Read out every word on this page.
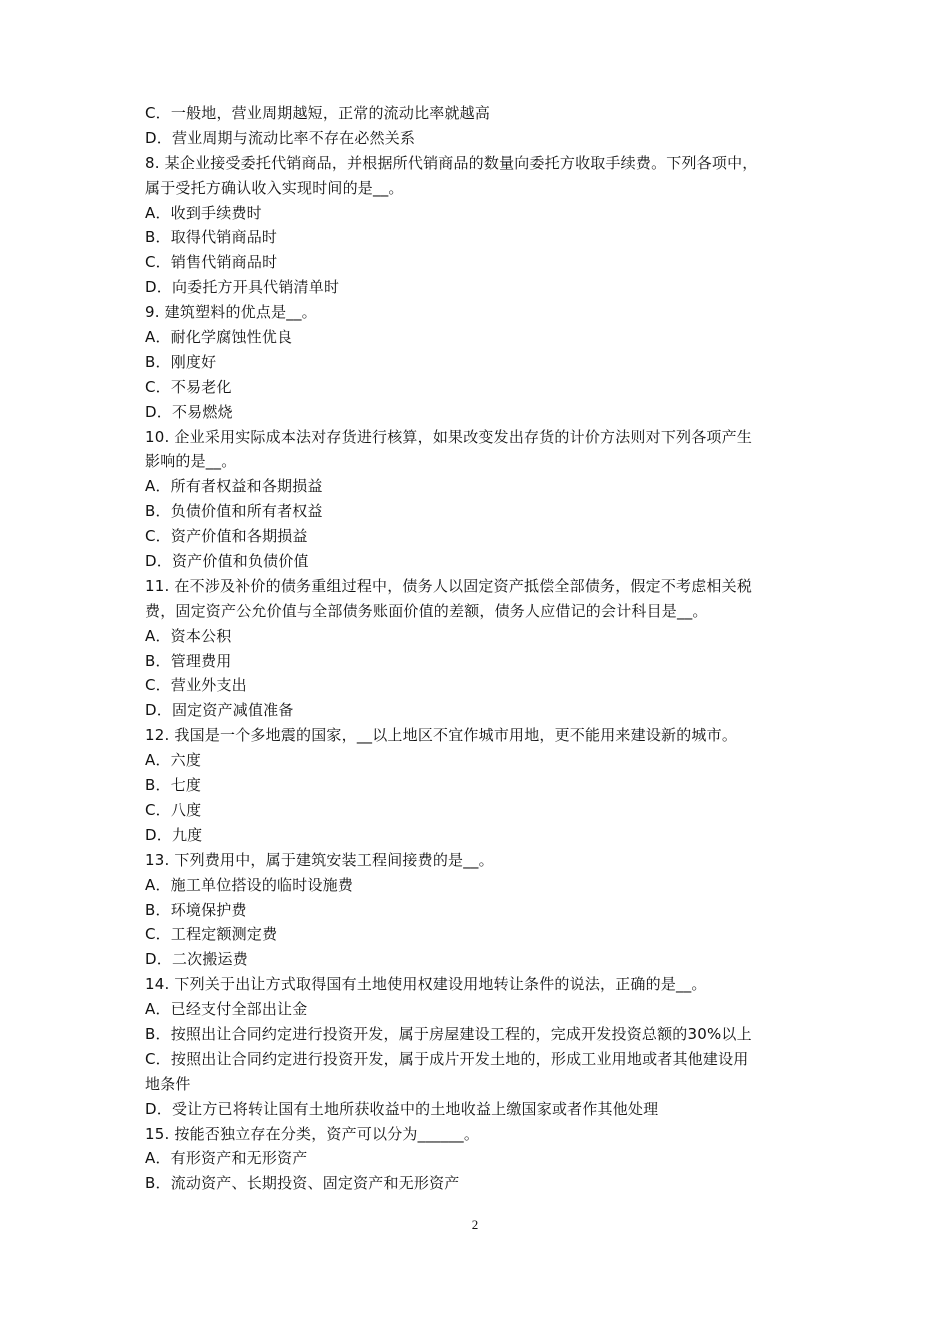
C．一般地，营业周期越短，正常的流动比率就越高
D．营业周期与流动比率不存在必然关系
8. 某企业接受委托代销商品，并根据所代销商品的数量向委托方收取手续费。下列各项中，
属于受托方确认收入实现时间的是__。
A．收到手续费时
B．取得代销商品时
C．销售代销商品时
D．向委托方开具代销清单时
9. 建筑塑料的优点是__。
A．耐化学腐蚀性优良
B．刚度好
C．不易老化
D．不易燃烧
10. 企业采用实际成本法对存货进行核算，如果改变发出存货的计价方法则对下列各项产生
影响的是__。
A．所有者权益和各期损益
B．负债价值和所有者权益
C．资产价值和各期损益
D．资产价值和负债价值
11. 在不涉及补价的债务重组过程中，债务人以固定资产抵偿全部债务，假定不考虑相关税
费，固定资产公允价值与全部债务账面价值的差额，债务人应借记的会计科目是__。
A．资本公积
B．管理费用
C．营业外支出
D．固定资产减值准备
12. 我国是一个多地震的国家，__以上地区不宜作城市用地，更不能用来建设新的城市。
A．六度
B．七度
C．八度
D．九度
13. 下列费用中，属于建筑安装工程间接费的是__。
A．施工单位搭设的临时设施费
B．环境保护费
C．工程定额测定费
D．二次搬运费
14. 下列关于出让方式取得国有土地使用权建设用地转让条件的说法，正确的是__。
A．已经支付全部出让金
B．按照出让合同约定进行投资开发，属于房屋建设工程的，完成开发投资总额的30%以上
C．按照出让合同约定进行投资开发，属于成片开发土地的，形成工业用地或者其他建设用
地条件
D．受让方已将转让国有土地所获收益中的土地收益上缴国家或者作其他处理
15. 按能否独立存在分类，资产可以分为______。
A．有形资产和无形资产
B．流动资产、长期投资、固定资产和无形资产
2
